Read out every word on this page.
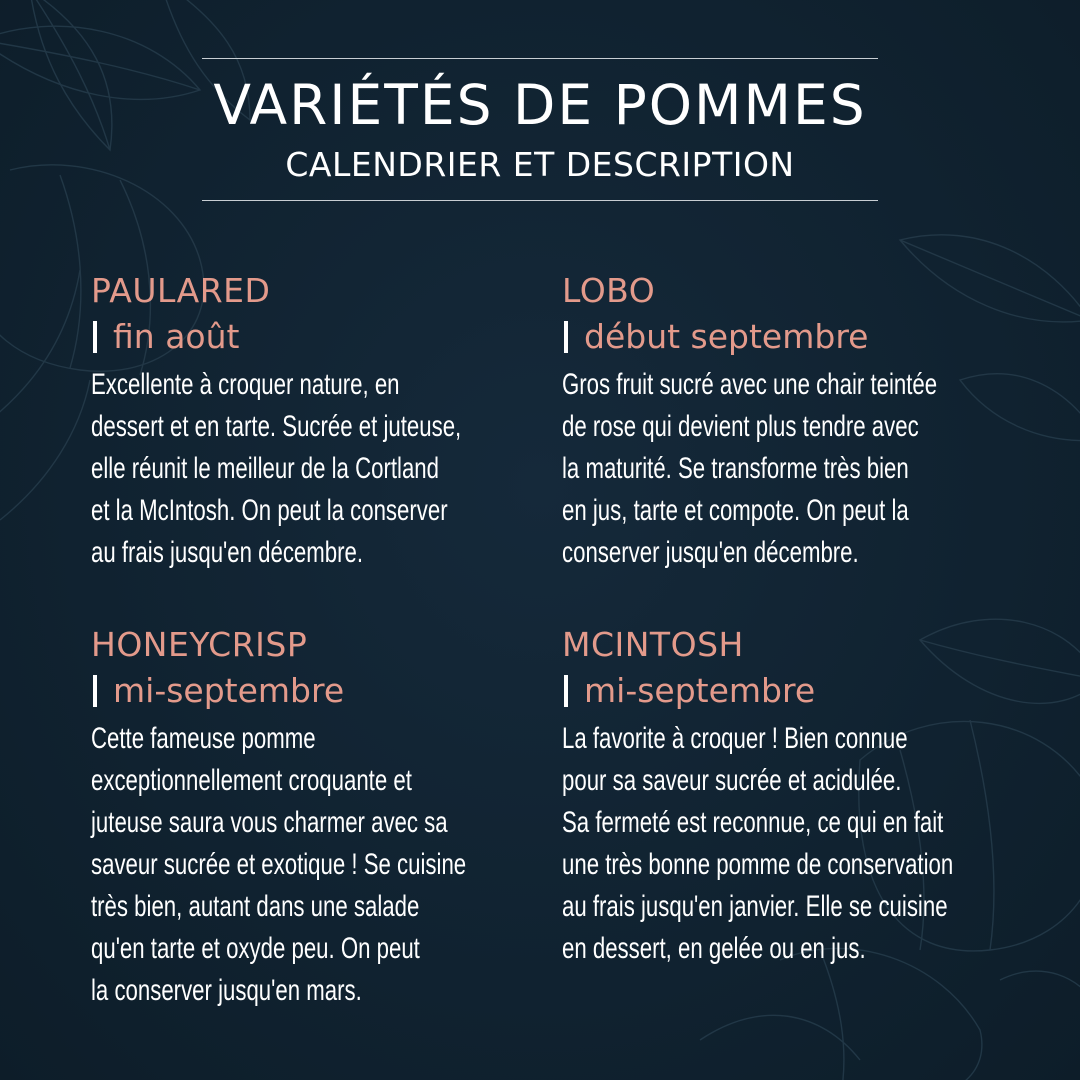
VARIÉTÉS DE POMMES
CALENDRIER ET DESCRIPTION
PAULARED
fin août
Excellente à croquer nature, en
dessert et en tarte. Sucrée et juteuse,
elle réunit le meilleur de la Cortland
et la McIntosh. On peut la conserver
au frais jusqu'en décembre.
LOBO
début septembre
Gros fruit sucré avec une chair teintée
de rose qui devient plus tendre avec
la maturité. Se transforme très bien
en jus, tarte et compote. On peut la
conserver jusqu'en décembre.
HONEYCRISP
mi-septembre
Cette fameuse pomme
exceptionnellement croquante et
juteuse saura vous charmer avec sa
saveur sucrée et exotique ! Se cuisine
très bien, autant dans une salade
qu'en tarte et oxyde peu. On peut
la conserver jusqu'en mars.
MCINTOSH
mi-septembre
La favorite à croquer ! Bien connue
pour sa saveur sucrée et acidulée.
Sa fermeté est reconnue, ce qui en fait
une très bonne pomme de conservation
au frais jusqu'en janvier. Elle se cuisine
en dessert, en gelée ou en jus.
